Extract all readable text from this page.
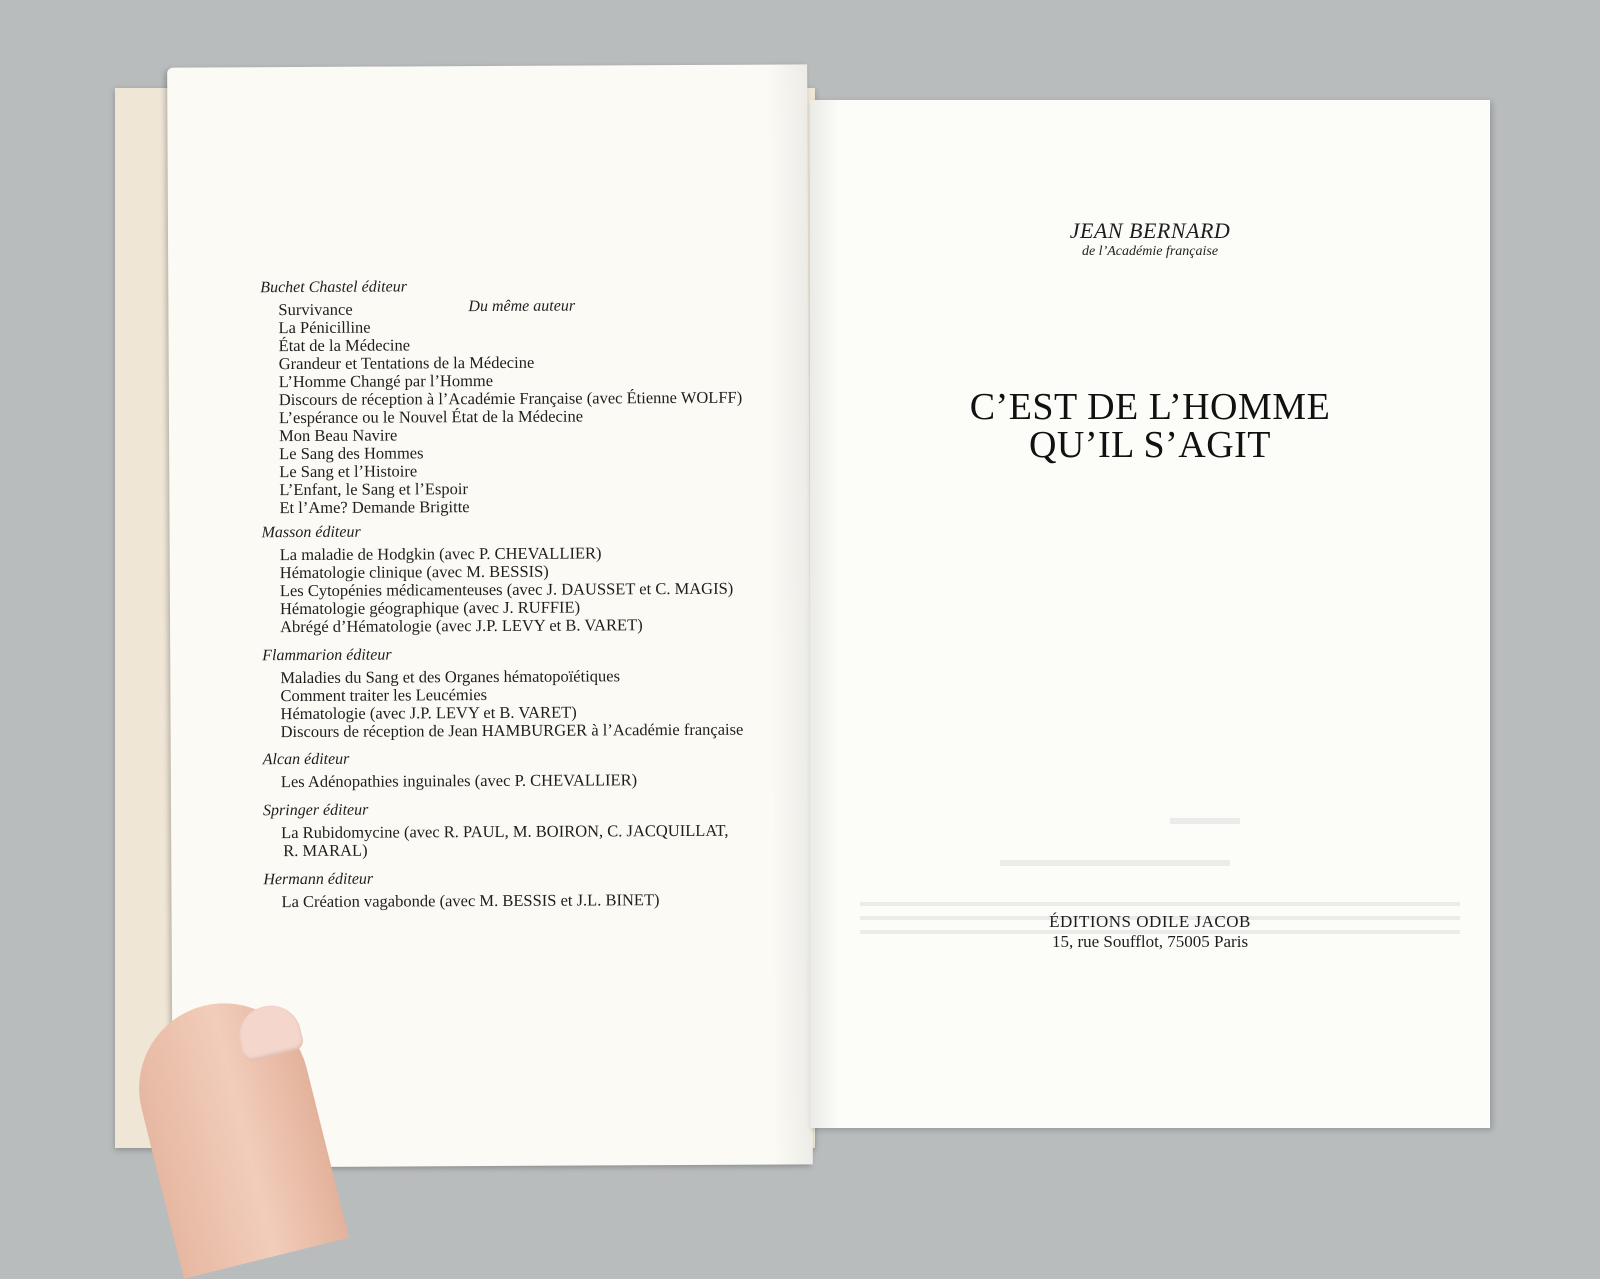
Du même auteur
Buchet Chastel éditeur
Survivance
La Pénicilline
État de la Médecine
Grandeur et Tentations de la Médecine
L’Homme Changé par l’Homme
Discours de réception à l’Académie Française (avec Étienne WOLFF)
L’espérance ou le Nouvel État de la Médecine
Mon Beau Navire
Le Sang des Hommes
Le Sang et l’Histoire
L’Enfant, le Sang et l’Espoir
Et l’Ame? Demande Brigitte
Masson éditeur
La maladie de Hodgkin (avec P. CHEVALLIER)
Hématologie clinique (avec M. BESSIS)
Les Cytopénies médicamenteuses (avec J. DAUSSET et C. MAGIS)
Hématologie géographique (avec J. RUFFIE)
Abrégé d’Hématologie (avec J.P. LEVY et B. VARET)
Flammarion éditeur
Maladies du Sang et des Organes hématopoïétiques
Comment traiter les Leucémies
Hématologie (avec J.P. LEVY et B. VARET)
Discours de réception de Jean HAMBURGER à l’Académie française
Alcan éditeur
Les Adénopathies inguinales (avec P. CHEVALLIER)
Springer éditeur
La Rubidomycine (avec R. PAUL, M. BOIRON, C. JACQUILLAT,
R. MARAL)
Hermann éditeur
La Création vagabonde (avec M. BESSIS et J.L. BINET)
JEAN BERNARD
de l’Académie française
C’EST DE L’HOMME
QU’IL S’AGIT
ÉDITIONS ODILE JACOB
15, rue Soufflot, 75005 Paris
